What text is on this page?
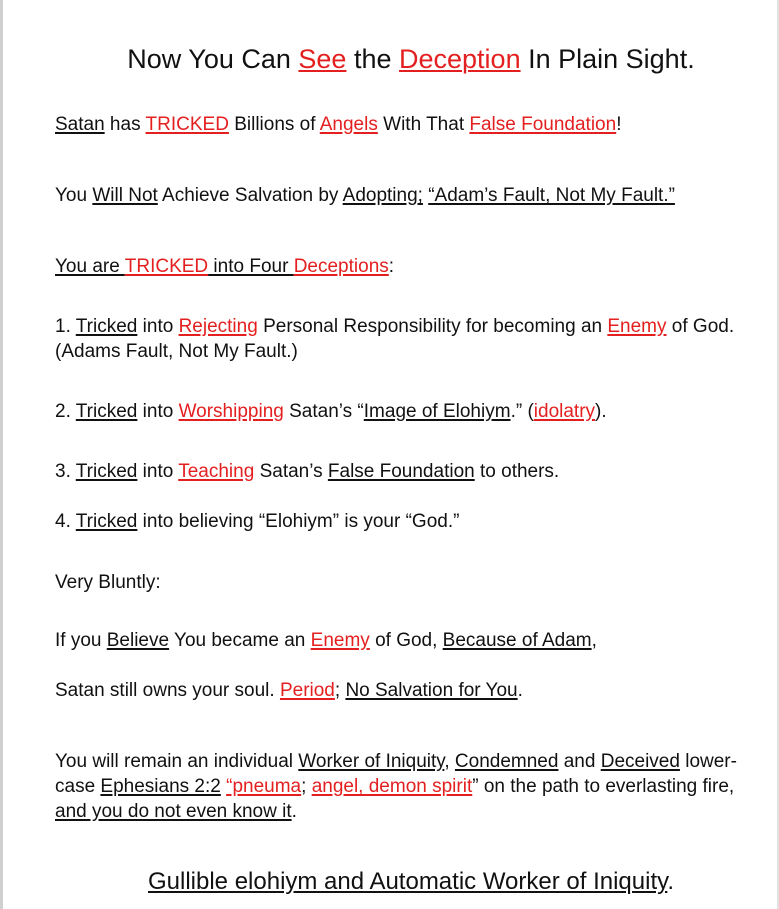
Now You Can See the Deception In Plain Sight.
Satan has TRICKED Billions of Angels With That False Foundation!
You Will Not Achieve Salvation by Adopting; “Adam’s Fault, Not My Fault.”
You are TRICKED into Four Deceptions:
1. Tricked into Rejecting Personal Responsibility for becoming an Enemy of God. (Adams Fault, Not My Fault.)
2. Tricked into Worshipping Satan’s “Image of Elohiym.” (idolatry).
3. Tricked into Teaching Satan’s False Foundation to others.
4. Tricked into believing “Elohiym” is your “God.”
Very Bluntly:
If you Believe You became an Enemy of God, Because of Adam,
Satan still owns your soul. Period; No Salvation for You.
You will remain an individual Worker of Iniquity, Condemned and Deceived lower-case Ephesians 2:2 “pneuma; angel, demon spirit” on the path to everlasting fire, and you do not even know it.
Gullible elohiym and Automatic Worker of Iniquity.
